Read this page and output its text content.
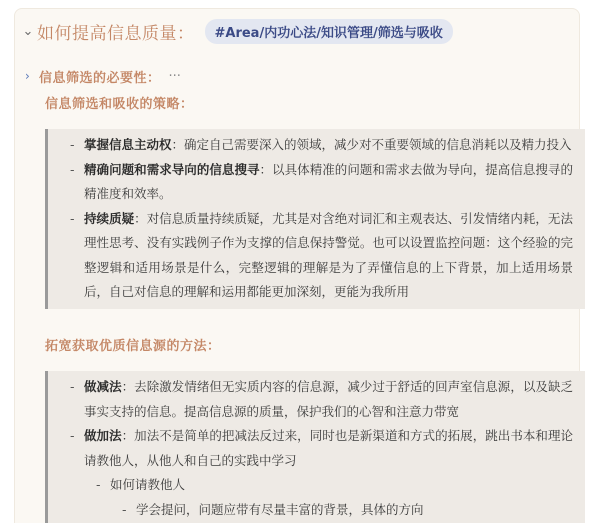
⌄ 如何提高信息质量：	#Area/内功心法/知识管理/筛选与吸收
› 信息筛选的必要性： ···
信息筛选和吸收的策略：
- 掌握信息主动权：确定自己需要深入的领域，减少对不重要领域的信息消耗以及精力投入
- 精确问题和需求导向的信息搜寻：以具体精准的问题和需求去做为导向，提高信息搜寻的精准度和效率。
- 持续质疑：对信息质量持续质疑，尤其是对含绝对词汇和主观表达、引发情绪内耗，无法理性思考、没有实践例子作为支撑的信息保持警觉。也可以设置监控问题：这个经验的完整逻辑和适用场景是什么，完整逻辑的理解是为了弄懂信息的上下背景，加上适用场景后，自己对信息的理解和运用都能更加深刻，更能为我所用
拓宽获取优质信息源的方法：
- 做减法：去除激发情绪但无实质内容的信息源，减少过于舒适的回声室信息源，以及缺乏事实支持的信息。提高信息源的质量，保护我们的心智和注意力带宽
- 做加法：加法不是简单的把减法反过来，同时也是新渠道和方式的拓展，跳出书本和理论请教他人，从他人和自己的实践中学习
- 如何请教他人
- 学会提问，问题应带有尽量丰富的背景，具体的方向
